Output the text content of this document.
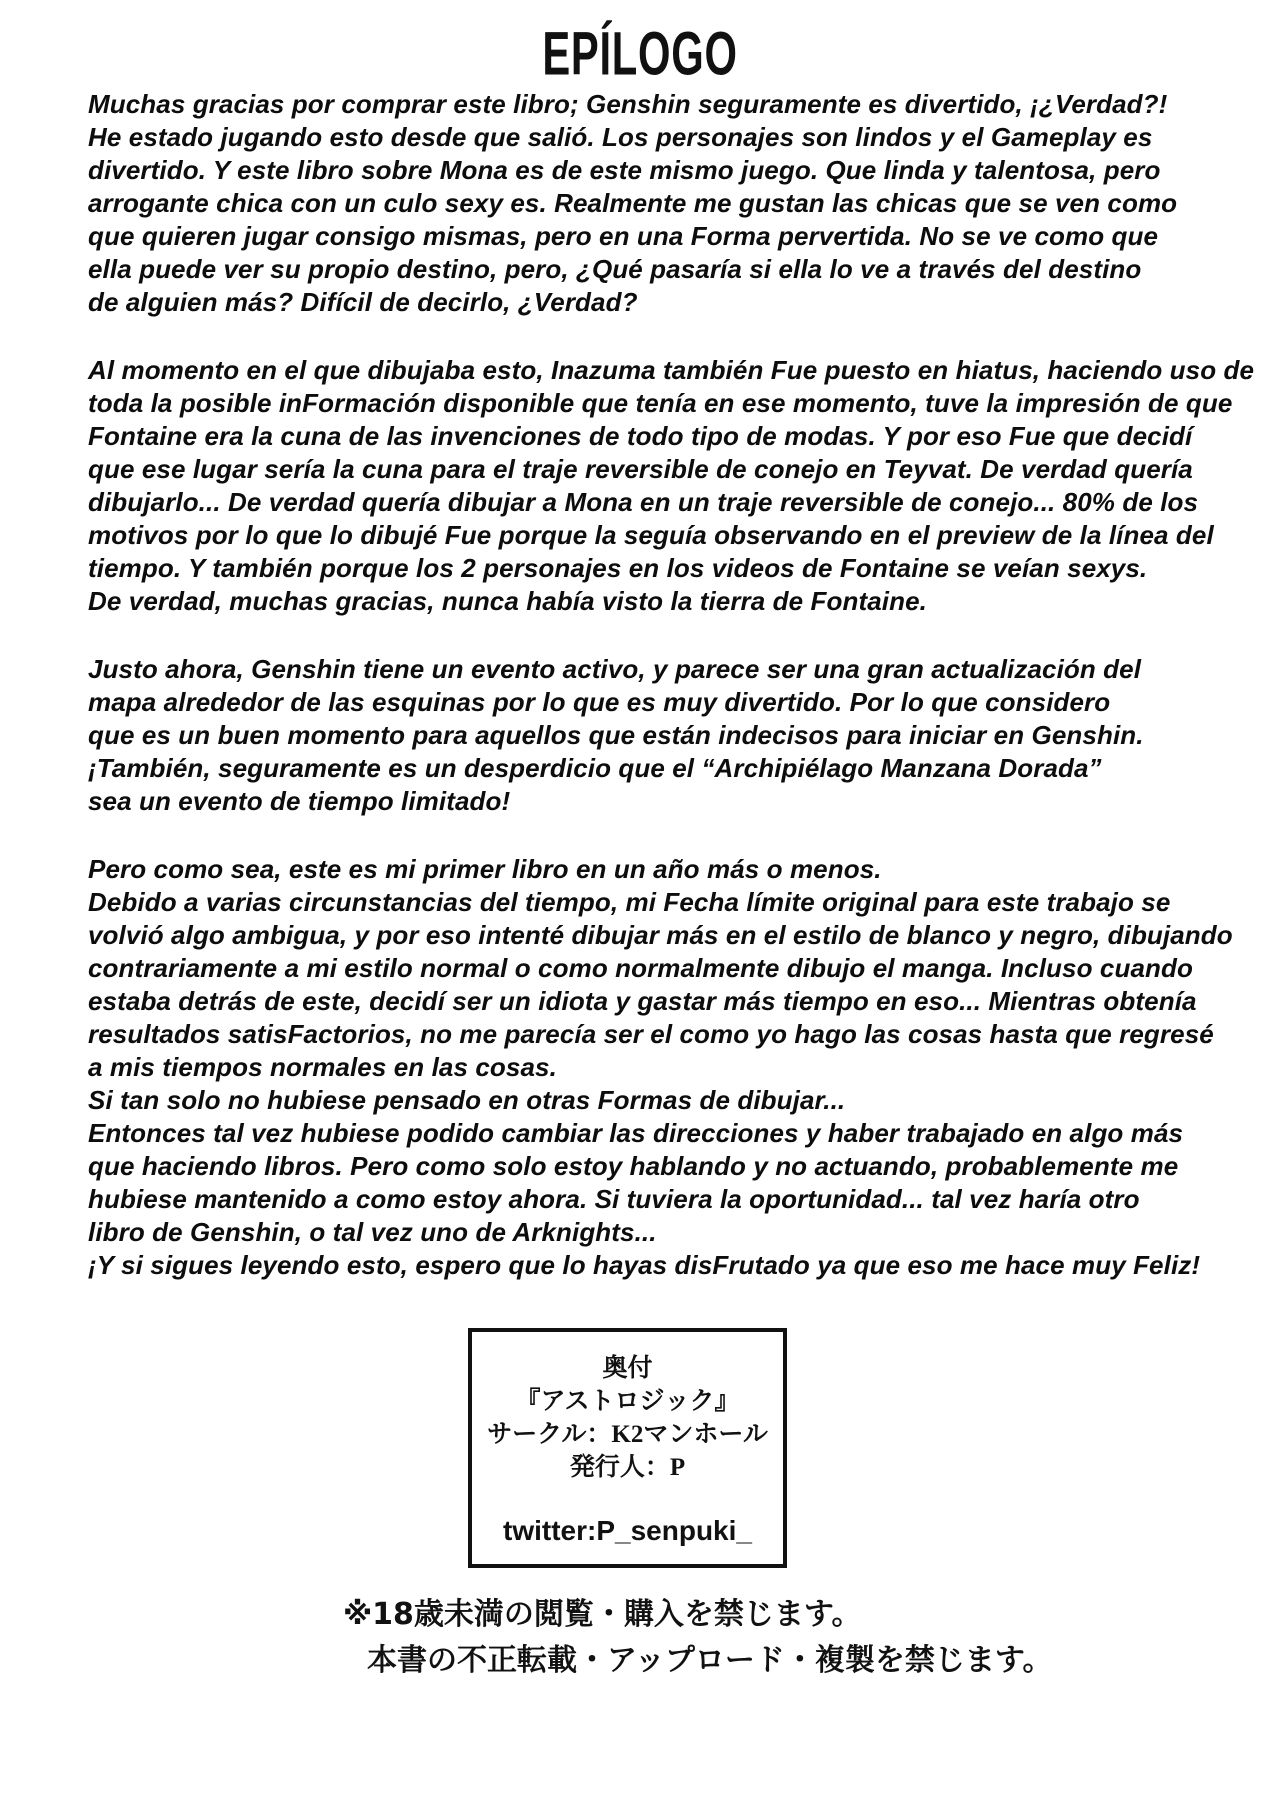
EPÍLOGO
Muchas gracias por comprar este libro; Genshin seguramente es divertido, ¡¿Verdad?!
He estado jugando esto desde que salió. Los personajes son lindos y el Gameplay es
divertido. Y este libro sobre Mona es de este mismo juego. Que linda y talentosa, pero
arrogante chica con un culo sexy es. Realmente me gustan las chicas que se ven como
que quieren jugar consigo mismas, pero en una Forma pervertida. No se ve como que
ella puede ver su propio destino, pero, ¿Qué pasaría si ella lo ve a través del destino
de alguien más? Difícil de decirlo, ¿Verdad?
Al momento en el que dibujaba esto, Inazuma también Fue puesto en hiatus, haciendo uso de
toda la posible inFormación disponible que tenía en ese momento, tuve la impresión de que
Fontaine era la cuna de las invenciones de todo tipo de modas. Y por eso Fue que decidí
que ese lugar sería la cuna para el traje reversible de conejo en Teyvat. De verdad quería
dibujarlo... De verdad quería dibujar a Mona en un traje reversible de conejo... 80% de los
motivos por lo que lo dibujé Fue porque la seguía observando en el preview de la línea del
tiempo. Y también porque los 2 personajes en los videos de Fontaine se veían sexys.
De verdad, muchas gracias, nunca había visto la tierra de Fontaine.
Justo ahora, Genshin tiene un evento activo, y parece ser una gran actualización del
mapa alrededor de las esquinas por lo que es muy divertido. Por lo que considero
que es un buen momento para aquellos que están indecisos para iniciar en Genshin.
¡También, seguramente es un desperdicio que el “Archipiélago Manzana Dorada”
sea un evento de tiempo limitado!
Pero como sea, este es mi primer libro en un año más o menos.
Debido a varias circunstancias del tiempo, mi Fecha límite original para este trabajo se
volvió algo ambigua, y por eso intenté dibujar más en el estilo de blanco y negro, dibujando
contrariamente a mi estilo normal o como normalmente dibujo el manga. Incluso cuando
estaba detrás de este, decidí ser un idiota y gastar más tiempo en eso... Mientras obtenía
resultados satisFactorios, no me parecía ser el como yo hago las cosas hasta que regresé
a mis tiempos normales en las cosas.
Si tan solo no hubiese pensado en otras Formas de dibujar...
Entonces tal vez hubiese podido cambiar las direcciones y haber trabajado en algo más
que haciendo libros. Pero como solo estoy hablando y no actuando, probablemente me
hubiese mantenido a como estoy ahora. Si tuviera la oportunidad... tal vez haría otro
libro de Genshin, o tal vez uno de Arknights...
¡Y si sigues leyendo esto, espero que lo hayas disFrutado ya que eso me hace muy Feliz!
奥付
『アストロジック』
サークル：K2マンホール
発行人：P
twitter:P_senpuki_
※18歳未満の閲覧・購入を禁じます。
本書の不正転載・アップロード・複製を禁じます。
